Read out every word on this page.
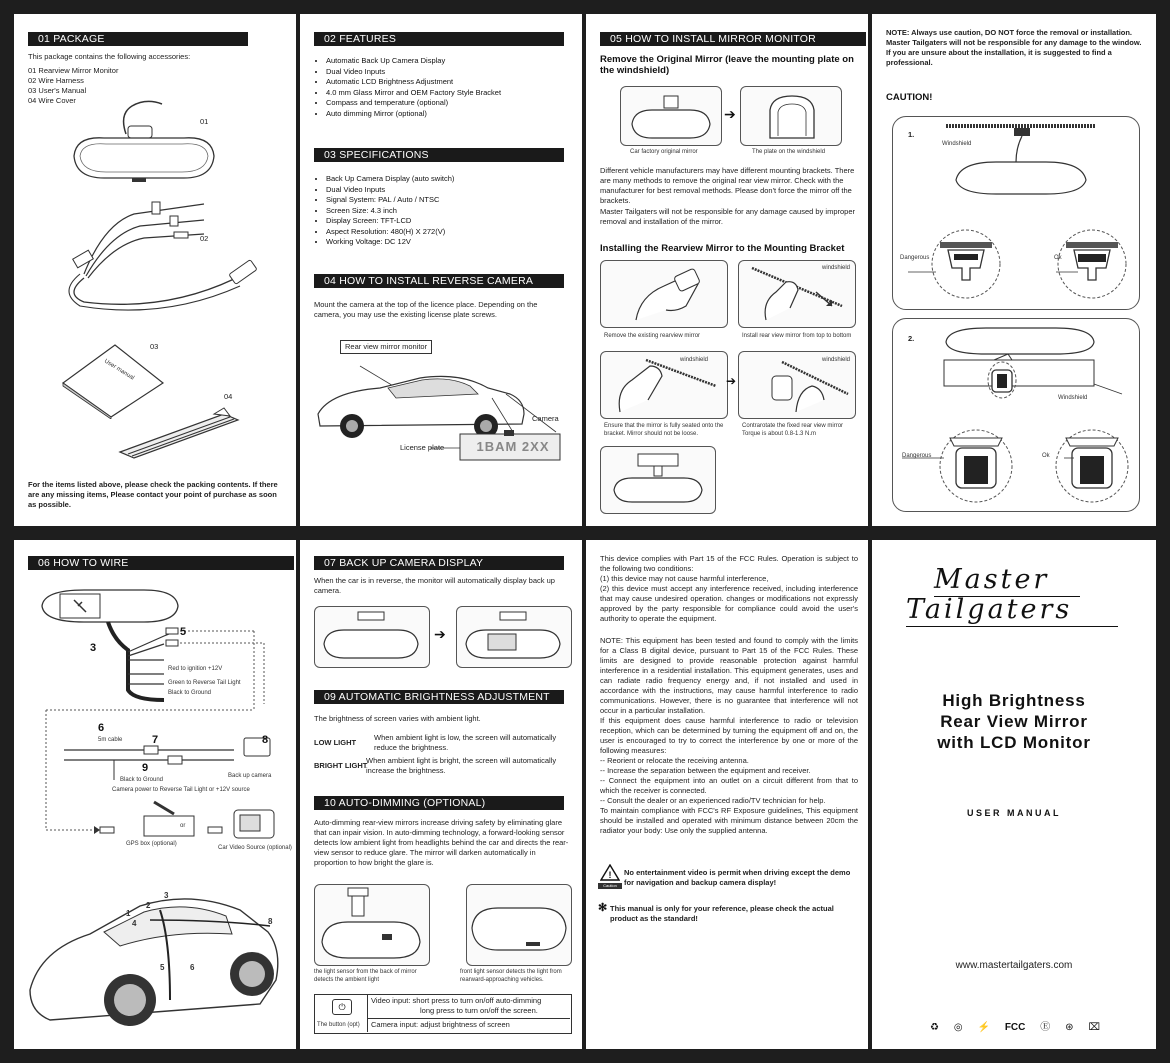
01 PACKAGE
This package contains the following accessories:
01 Rearview Mirror Monitor
02 Wire Harness
03 User's Manual
04 Wire Cover
01
02
User manual
03
04
For the items listed above, please check the packing contents. If there are any missing items, Please contact your point of purchase as soon as possible.
02 FEATURES
• Automatic Back Up Camera Display
• Dual Video Inputs
• Automatic LCD Brightness Adjustment
• 4.0 mm Glass Mirror and OEM Factory Style Bracket
• Compass and temperature (optional)
• Auto dimming Mirror (optional)
03 SPECIFICATIONS
• Back Up Camera Display (auto switch)
• Dual Video Inputs
• Signal System: PAL / Auto / NTSC
• Screen Size: 4.3 inch
• Display Screen: TFT-LCD
• Aspect Resolution: 480(H) X 272(V)
• Working Voltage: DC 12V
04 HOW TO INSTALL REVERSE CAMERA
Mount the camera at the top of the licence place. Depending on the camera, you may use the existing license plate screws.
Rear view mirror monitor
Camera
License plate	1BAM 2XX
05 HOW TO INSTALL MIRROR MONITOR
Remove the Original Mirror (leave the mounting plate on the windshield)
➔
Car factory original mirror	The plate on the windshield
Different vehicle manufacturers may have different mounting brackets. There are many methods to remove the original rear view mirror. Check with the manufacturer for best removal methods. Please don't force the mirror off the brackets.
Master Tailgaters will not be responsible for any damage caused by improper removal and installation of the mirror.
Installing the Rearview Mirror to the Mounting Bracket
windshield
Remove the existing rearview mirror	Install rear view mirror from top to bottom
➔
windshield	windshield
Ensure that the mirror is fully seated onto the bracket. Mirror should not be loose.
Contrarotate the fixed rear view mirror Torque is about 0.8-1.3 N.m
NOTE: Always use caution, DO NOT force the removal or installation. Master Tailgaters will not be responsible for any damage to the window. If you are unsure about the installation, it is suggested to find a professional.
CAUTION!
1.
Windshield
Dangerous	Ok
2.
Windshield
Dangerous	Ok
06 HOW TO WIRE
Red to ignition +12V
Green to Reverse Tail Light
Black to Ground
5m cable
Black to Ground
Back up camera
Camera power to Reverse Tail Light or +12V source
GPS box (optional)
or
Car Video Source (optional)
3
5
6
7	8
9
1
2
3
4
5	6
8
07 BACK UP CAMERA DISPLAY
When the car is in reverse, the monitor will automatically display back up camera.
➔
09 AUTOMATIC BRIGHTNESS ADJUSTMENT
The brightness of screen varies with ambient light.
LOW LIGHT
When ambient light is low, the screen will automatically reduce the brightness.
BRIGHT LIGHT
When ambient light is bright, the screen will automatically increase the brightness.
10 AUTO-DIMMING (OPTIONAL)
Auto-dimming rear-view mirrors increase driving safety by eliminating glare that can inpair vision. In auto-dimming technology, a forward-looking sensor detects low ambient light from headlights behind the car and directs the rear-view sensor to reduce glare. The mirror will darken automatically in proportion to how bright the glare is.
the light sensor from the back of mirror detects the ambient light
front light sensor detects the light from rearward-approaching vehicles.
⏻
The button (opt)
Video input: short press to turn on/off auto-dimming
long press to turn on/off the screen.
Camera input: adjust brightness of screen
This device complies with Part 15 of the FCC Rules. Operation is subject to the following two conditions:
(1) this device may not cause harmful interference,
(2) this device must accept any interference received, including interference that may cause undesired operation. changes or modifications not expressly approved by the party responsible for compliance could avoid the user's authority to operate the equipment.
NOTE: This equipment has been tested and found to comply with the limits for a Class B digital device, pursuant to Part 15 of the FCC Rules. These limits are designed to provide reasonable protection against harmful interference in a residential installation. This equipment generates, uses and can radiate radio frequency energy and, if not installed and used in accordance with the instructions, may cause harmful interference to radio communications. However, there is no guarantee that interference will not occur in a particular installation.
If this equipment does cause harmful interference to radio or television reception, which can be determined by turning the equipment off and on, the user is encouraged to try to correct the interference by one or more of the following measures:
-- Reorient or relocate the receiving antenna.
-- Increase the separation between the equipment and receiver.
-- Connect the equipment into an outlet on a circuit different from that to which the receiver is connected.
-- Consult the dealer or an experienced radio/TV technician for help.
To maintain compliance with FCC's RF Exposure guidelines, This equipment should be installed and operated with minimum distance between 20cm the radiator your body: Use only the supplied antenna.
!
Caution
No entertainment video is permit when driving except the demo for navigation and backup camera display!
✻ This manual is only for your reference, please check the actual product as the standard!
Master
Tailgaters
High Brightness
Rear View Mirror
with LCD Monitor
USER MANUAL
www.mastertailgaters.com
♻ ◎ ⚡ FCC Ⓔ ⊛ ⌧
